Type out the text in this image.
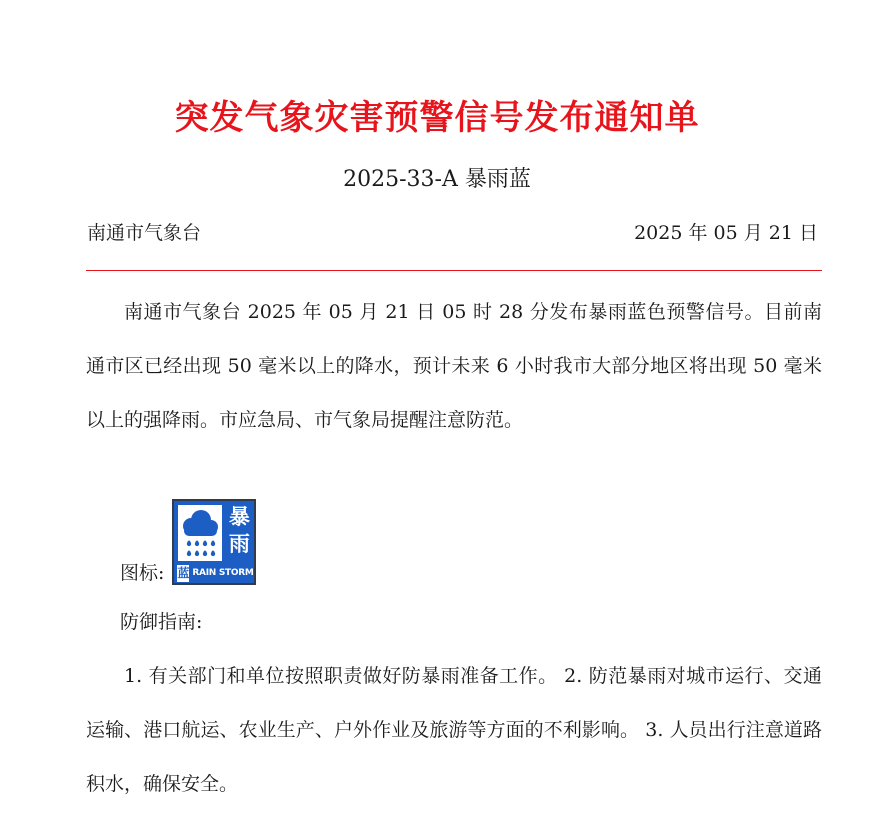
突发气象灾害预警信号发布通知单
2025-33-A 暴雨蓝
南通市气象台	2025 年 05 月 21 日

南通市气象台 2025 年 05 月 21 日 05 时 28 分发布暴雨蓝色预警信号。目前南通市区已经出现 50 毫米以上的降水，预计未来 6 小时我市大部分地区将出现 50 毫米以上的强降雨。市应急局、市气象局提醒注意防范。

图标:
暴
雨
蓝 RAIN STORM
防御指南:

1. 有关部门和单位按照职责做好防暴雨准备工作。 2. 防范暴雨对城市运行、交通运输、港口航运、农业生产、户外作业及旅游等方面的不利影响。 3. 人员出行注意道路积水，确保安全。
